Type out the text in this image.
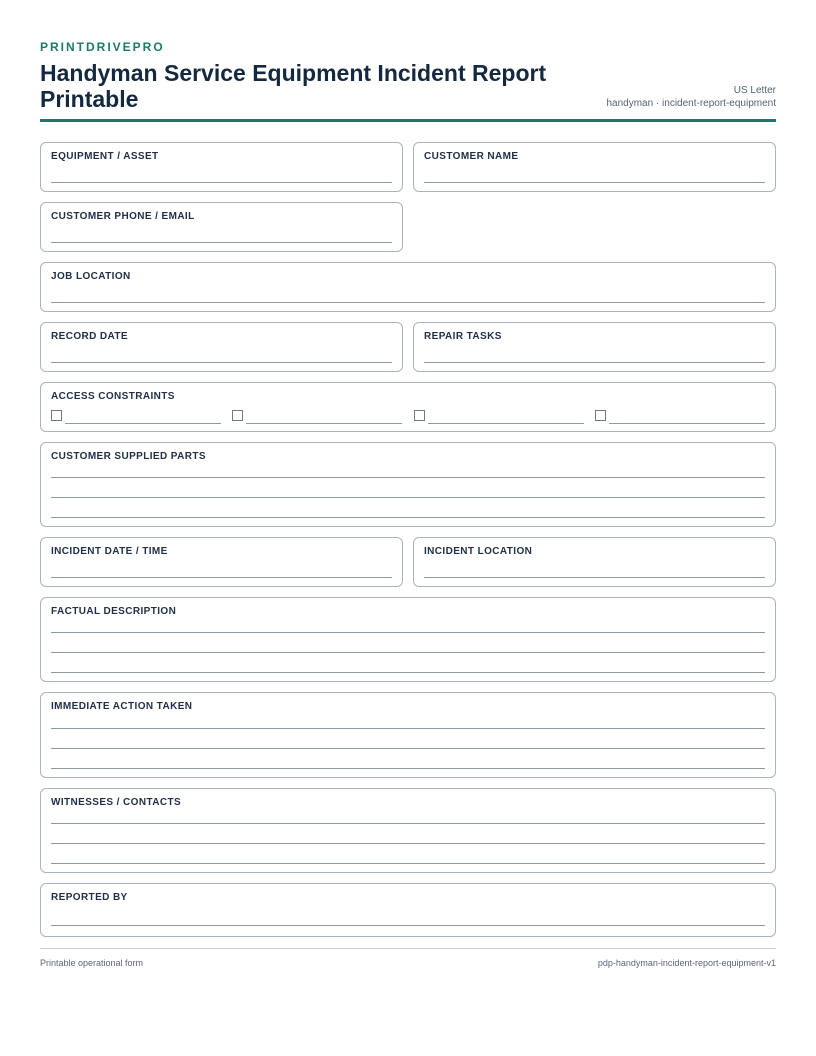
PRINTDRIVEPRO

Handyman Service Equipment Incident Report Printable	US Letter
handyman · incident-report-equipment
EQUIPMENT / ASSET	CUSTOMER NAME
CUSTOMER PHONE / EMAIL
JOB LOCATION
RECORD DATE	REPAIR TASKS
ACCESS CONSTRAINTS
CUSTOMER SUPPLIED PARTS
INCIDENT DATE / TIME	INCIDENT LOCATION
FACTUAL DESCRIPTION
IMMEDIATE ACTION TAKEN
WITNESSES / CONTACTS
REPORTED BY
Printable operational form	pdp-handyman-incident-report-equipment-v1
